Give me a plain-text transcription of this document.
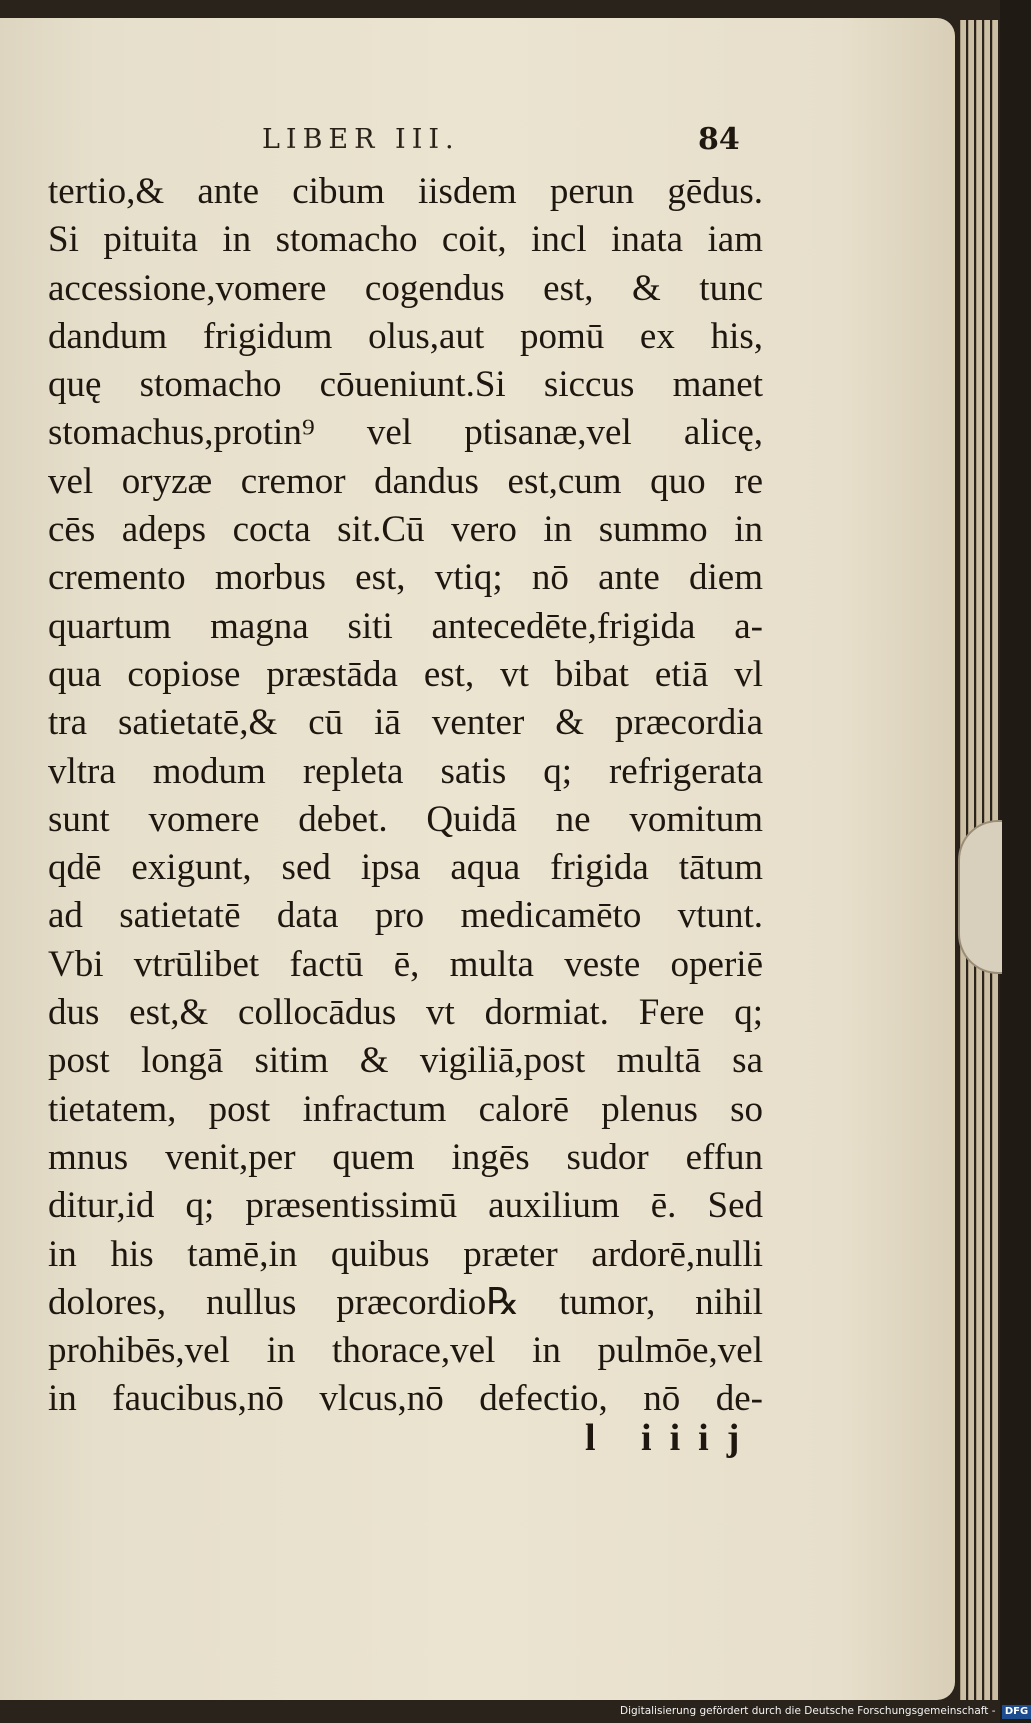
LIBER III.	84
tertio,& ante cibum iisdem perun gēdus.
Si pituita in stomacho coit, incl inata iam
accessione,vomere cogendus est, & tunc
dandum frigidum olus,aut pomū ex his,
quę stomacho cōueniunt.Si siccus manet
stomachus,protin⁹ vel ptisanæ,vel alicę,
vel oryzæ cremor dandus est,cum quo re
cēs adeps cocta sit.Cū vero in summo in
cremento morbus est, vtiq; nō ante diem
quartum magna siti antecedēte,frigida a-
qua copiose præstāda est, vt bibat etiā vl
tra satietatē,& cū iā venter & præcordia
vltra modum repleta satis q; refrigerata
sunt vomere debet. Quidā ne vomitum
qdē exigunt, sed ipsa aqua frigida tātum
ad satietatē data pro medicamēto vtunt.
Vbi vtrūlibet factū ē, multa veste operiē
dus est,& collocādus vt dormiat. Fere q;
post longā sitim & vigiliā,post multā sa
tietatem, post infractum calorē plenus so
mnus venit,per quem ingēs sudor effun
ditur,id q; præsentissimū auxilium ē. Sed
in his tamē,in quibus præter ardorē,nulli
dolores, nullus præcordio℞ tumor, nihil
prohibēs,vel in thorace,vel in pulmōe,vel
in faucibus,nō vlcus,nō defectio, nō de-
l iiij
Digitalisierung gefördert durch die Deutsche Forschungsgemeinschaft - DFG
